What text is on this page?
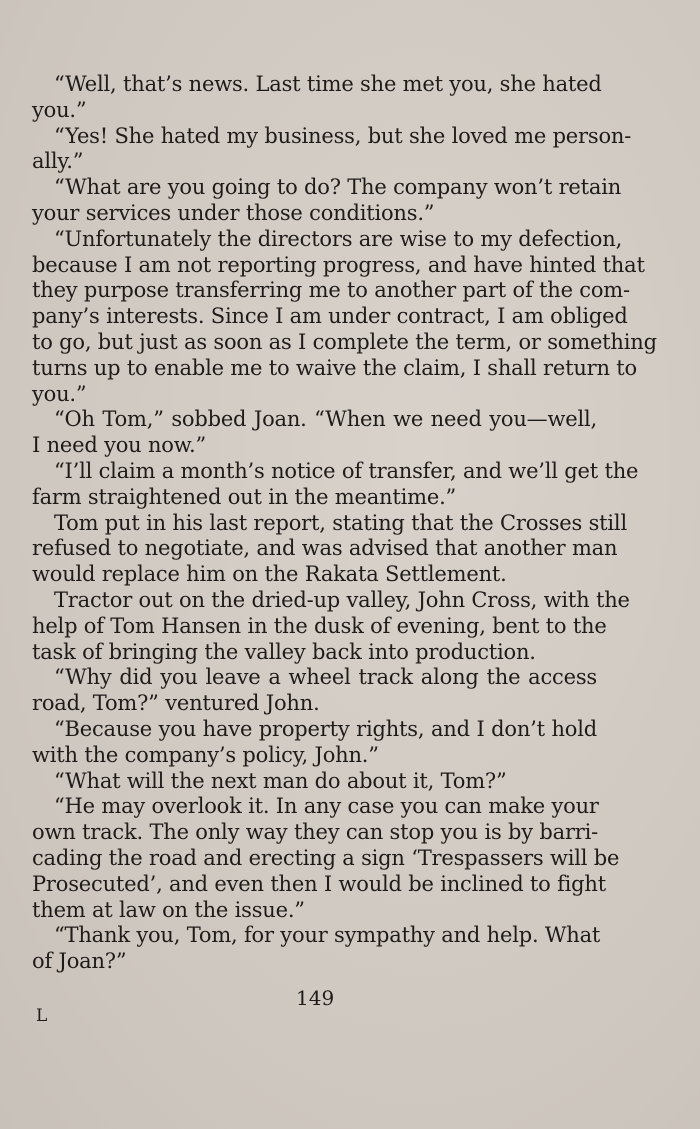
“Well, that’s news. Last time she met you, she hated
you.”
“Yes! She hated my business, but she loved me person-
ally.”
“What are you going to do? The company won’t retain
your services under those conditions.”
“Unfortunately the directors are wise to my defection,
because I am not reporting progress, and have hinted that
they purpose transferring me to another part of the com-
pany’s interests. Since I am under contract, I am obliged
to go, but just as soon as I complete the term, or something
turns up to enable me to waive the claim, I shall return to
you.”
“Oh Tom,” sobbed Joan. “When we need you—well,
I need you now.”
“I’ll claim a month’s notice of transfer, and we’ll get the
farm straightened out in the meantime.”
Tom put in his last report, stating that the Crosses still
refused to negotiate, and was advised that another man
would replace him on the Rakata Settlement.
Tractor out on the dried-up valley, John Cross, with the
help of Tom Hansen in the dusk of evening, bent to the
task of bringing the valley back into production.
“Why did you leave a wheel track along the access
road, Tom?” ventured John.
“Because you have property rights, and I don’t hold
with the company’s policy, John.”
“What will the next man do about it, Tom?”
“He may overlook it. In any case you can make your
own track. The only way they can stop you is by barri-
cading the road and erecting a sign ‘Trespassers will be
Prosecuted’, and even then I would be inclined to fight
them at law on the issue.”
“Thank you, Tom, for your sympathy and help. What
of Joan?”
149
L
